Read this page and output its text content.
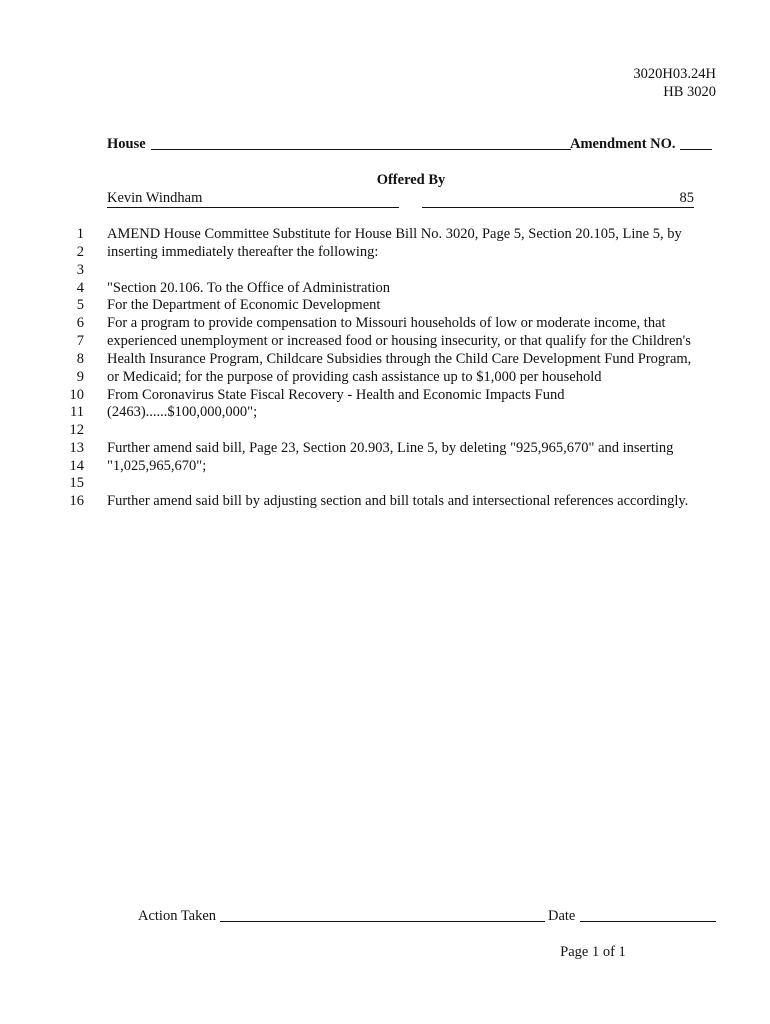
3020H03.24H
HB 3020
House	Amendment NO.
Offered By
Kevin Windham	85
1 AMEND House Committee Substitute for House Bill No. 3020, Page 5, Section 20.105, Line 5, by
2 inserting immediately thereafter the following:
3
4 "Section 20.106. To the Office of Administration
5 For the Department of Economic Development
6 For a program to provide compensation to Missouri households of low or moderate income, that
7 experienced unemployment or increased food or housing insecurity, or that qualify for the Children's
8 Health Insurance Program, Childcare Subsidies through the Child Care Development Fund Program,
9 or Medicaid; for the purpose of providing cash assistance up to $1,000 per household
10 From Coronavirus State Fiscal Recovery - Health and Economic Impacts Fund
11 (2463)......$100,000,000";
12
13 Further amend said bill, Page 23, Section 20.903, Line 5, by deleting "925,965,670" and inserting
14 "1,025,965,670";
15
16 Further amend said bill by adjusting section and bill totals and intersectional references accordingly.
Action Taken	Date
Page 1 of 1
